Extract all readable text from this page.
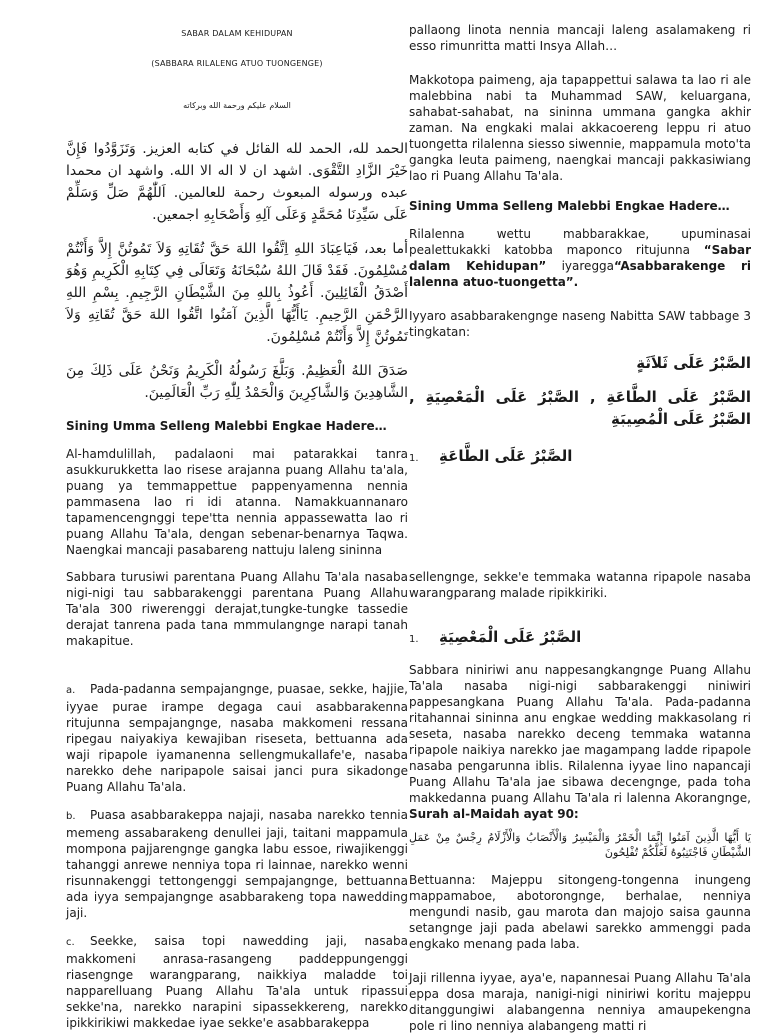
SABAR DALAM KEHIDUPAN

(SABBARA RILALENG ATUO TUONGENGE)

السلام عليكم ورحمة الله وبركاته

الحمد لله، الحمد لله القائل في كتابه العزيز. وَتَزَوَّدُوا فَإِنَّ خَيْرَ الزَّادِ التَّقْوَى. اشهد ان لا اله الا الله. واشهد ان محمدا عبده ورسوله المبعوث رحمة للعالمين. اَللّٰهُمَّ صَلِّ وَسَلِّمْ عَلَى سَيِّدِنَا مُحَمَّدٍ وَعَلَى آلِهِ وَأَصْحَابِهِ اجمعين.

أما بعد، فَيَاعِبَادَ اللهِ اِتَّقُوا اللهَ حَقَّ تُقَاتِهِ وَلاَ تَمُوتُنَّ إِلاَّ وَأَنْتُمْ مُسْلِمُونَ. فَقَدْ قَالَ اللهُ سُبْحَانَهُ وَتَعَالَى فِي كِتَابِهِ الْكَرِيمِ وَهُوَ أَصْدَقُ الْقَائِلِينَ. أَعُوذُ بِاللهِ مِنَ الشَّيْطَانِ الرَّجِيمِ. بِسْمِ اللهِ الرَّحْمَنِ الرَّحِيمِ. يَاأَيُّهَا الَّذِينَ آمَنُوا اتَّقُوا اللهَ حَقَّ تُقَاتِهِ وَلاَ تَمُوتُنَّ إِلاَّ وَأَنْتُمْ مُسْلِمُونَ.

صَدَقَ اللهُ الْعَظِيمُ. وَبَلَّغَ رَسُولُهُ الْكَرِيمُ وَنَحْنُ عَلَى ذَلِكَ مِنَ الشَّاهِدِينَ وَالشَّاكِرِينَ وَالْحَمْدُ لِلّٰهِ رَبِّ الْعَالَمِينَ.

Sining Umma Selleng Malebbi Engkae Hadere…

Al-hamdulillah, padalaoni mai patarakkai tanra asukkurukketta lao risese arajanna puang Allahu ta'ala, puang ya temmappettue pappenyamenna nennia pammasena lao ri idi atanna. Namakkuannanaro tapamencengnggi tepe'tta nennia appassewatta lao ri puang Allahu Ta'ala, dengan sebenar-benarnya Taqwa. Naengkai mancaji pasabareng nattuju laleng sininna

pallaong linota nennia mancaji laleng asalamakeng ri esso rimunritta matti Insya Allah…

Makkotopa paimeng, aja tapappettui salawa ta lao ri ale malebbina nabi ta Muhammad SAW, keluargana, sahabat-sahabat, na sininna ummana gangka akhir zaman. Na engkaki malai akkacoereng leppu ri atuo tuongetta rilalenna siesso siwennie, mappamula moto'ta gangka leuta paimeng, naengkai mancaji pakkasiwiang lao ri Puang Allahu Ta'ala.

Sining Umma Selleng Malebbi Engkae Hadere…

Rilalenna wettu mabbarakkae, upuminasai pealettukakki katobba maponco ritujunna “Sabar dalam Kehidupan” iyaregga“Asabbarakenge ri lalenna atuo-tuongetta”.

Iyyaro asabbarakengnge naseng Nabitta SAW tabbage 3 tingkatan:

الصَّبْرُ عَلَى ثَلاَثَةٍ

الصَّبْرُ عَلَى الطَّاعَةِ , الصَّبْرُ عَلَى الْمَعْصِيَةِ , الصَّبْرُ عَلَى الْمُصِيبَةِ

1. الصَّبْرُ عَلَى الطَّاعَةِ

Sabbara turusiwi parentana Puang Allahu Ta'ala nasaba nigi-nigi tau sabbarakenggi parentana Puang Allahu Ta'ala 300 riwerenggi derajat,tungke-tungke tassedie derajat tanrena pada tana mmmulangnge narapi tanah makapitue.

a. Pada-padanna sempajangnge, puasae, sekke, hajjie, iyyae purae irampe degaga caui asabbarakenna ritujunna sempajangnge, nasaba makkomeni ressana ripegau naiyakiya kewajiban riseseta, bettuanna ada waji ripapole iyamanenna sellengmukallafe'e, nasaba narekko dehe naripapole saisai janci pura sikadonge Puang Allahu Ta'ala.

b. Puasa asabbarakeppa najaji, nasaba narekko tennia memeng assabarakeng denullei jaji, taitani mappamula mompona pajjarengnge gangka labu essoe, riwajikenggi tahanggi anrewe nenniya topa ri lainnae, narekko wenni risunnakenggi tettongenggi sempajangnge, bettuanna ada iyya sempajangnge asabbarakeng topa nawedding jaji.

c. Seekke, saisa topi nawedding jaji, nasaba makkomeni anrasa-rasangeng paddeppungenggi riasengnge warangparang, naikkiya maladde toi napparelluang Puang Allahu Ta'ala untuk ripassui sekke'na, narekko narapini sipassekkereng, narekko ipikkirikiwi makkedae iyae sekke'e asabbarakeppa

sellengnge, sekke'e temmaka watanna ripapole nasaba warangparang malade ripikkiriki.

1. الصَّبْرُ عَلَى الْمَعْصِيَةِ

Sabbara niniriwi anu nappesangkangnge Puang Allahu Ta'ala nasaba nigi-nigi sabbarakenggi niniwiri pappesangkana Puang Allahu Ta'ala. Pada-padanna ritahannai sininna anu engkae wedding makkasolang ri seseta, nasaba narekko deceng temmaka watanna ripapole naikiya narekko jae magampang ladde ripapole nasaba pengarunna iblis. Rilalenna iyyae lino napancaji Puang Allahu Ta'ala jae sibawa decengnge, pada toha makkedanna puang Allahu Ta'ala ri lalenna Akorangnge, Surah al-Maidah ayat 90:

يَا أَيُّهَا الَّذِينَ آمَنُوا إِنَّمَا الْخَمْرُ وَالْمَيْسِرُ وَالْأَنْصَابُ وَالْأَزْلَامُ رِجْسٌ مِنْ عَمَلِ الشَّيْطَانِ فَاجْتَنِبُوهُ لَعَلَّكُمْ تُفْلِحُونَ

Bettuanna: Majeppu sitongeng-tongenna inungeng mappamaboe, abotorongnge, berhalae, nenniya mengundi nasib, gau marota dan majojo saisa gaunna setangnge jaji pada abelawi sarekko ammenggi pada engkako menang pada laba.

Jaji rillenna iyyae, aya'e, napannesai Puang Allahu Ta'ala eppa dosa maraja, nanigi-nigi niniriwi koritu majeppu ditanggungiwi alabangenna nenniya amaupekengna pole ri lino nenniya alabangeng matti ri
